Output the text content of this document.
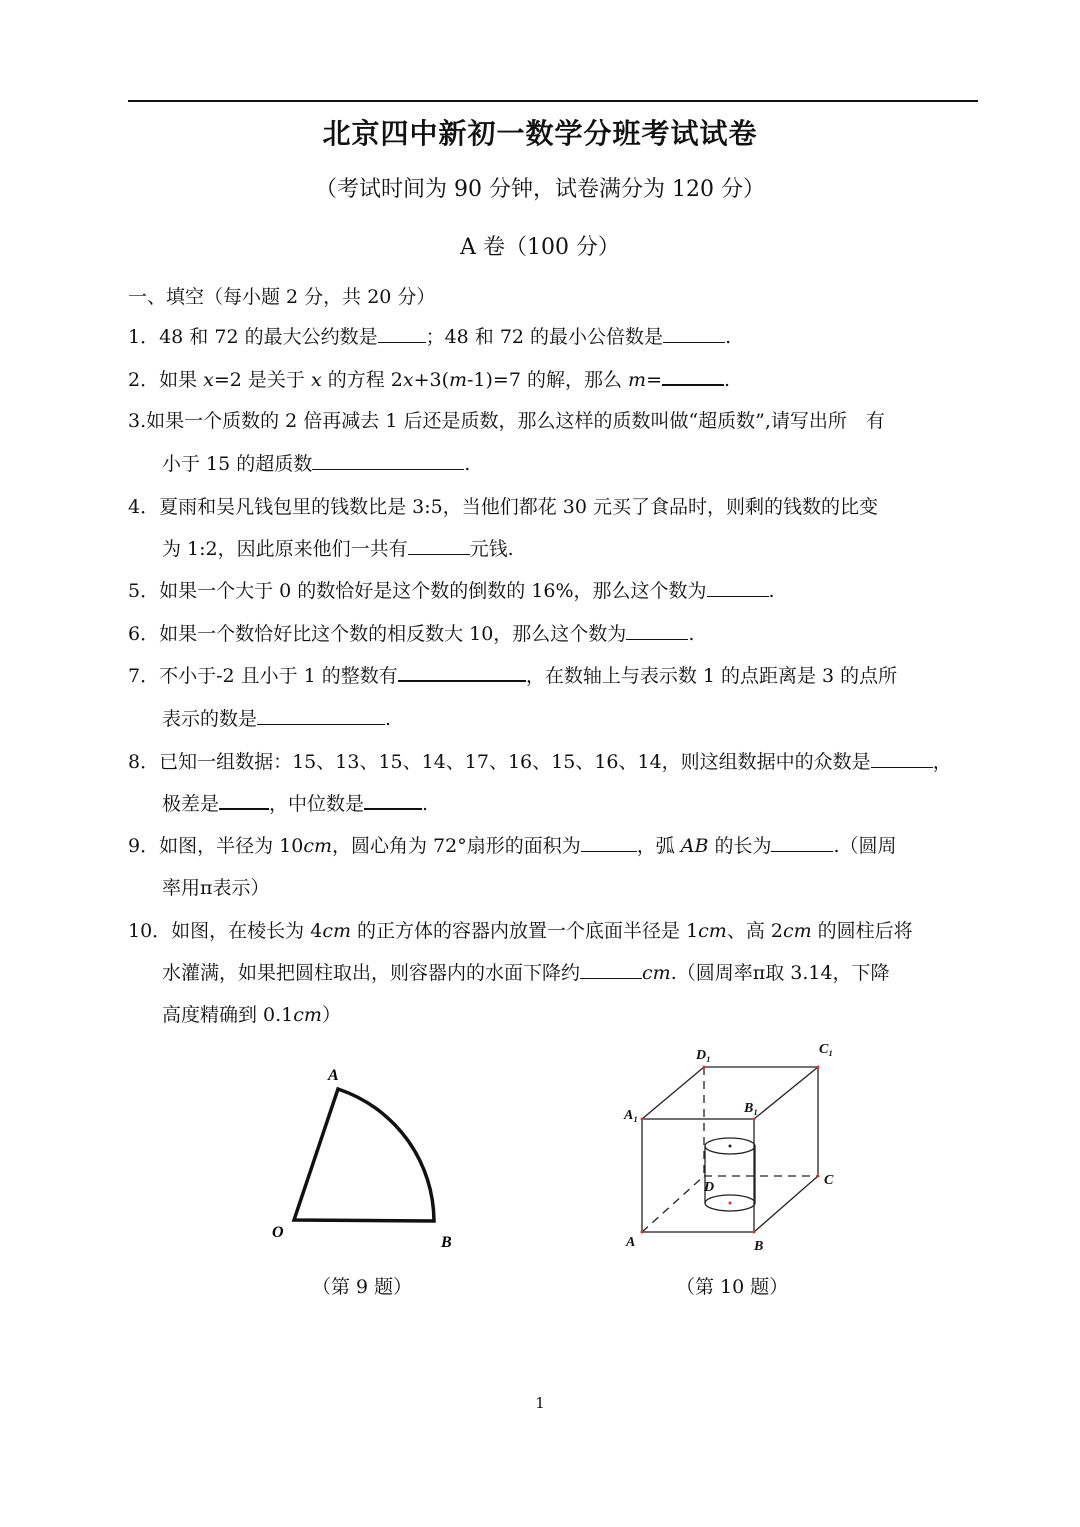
北京四中新初一数学分班考试试卷
（考试时间为 90 分钟，试卷满分为 120 分）
A 卷（100 分）
一、填空（每小题 2 分，共 20 分）
1．48 和 72 的最大公约数是	；48 和 72 的最小公倍数是	.
2．如果 x=2 是关于 x 的方程 2x+3(m-1)=7 的解，那么 m=	.
3.如果一个质数的 2 倍再减去 1 后还是质数，那么这样的质数叫做“超质数”,请写出所　有
小于 15 的超质数	.
4．夏雨和吴凡钱包里的钱数比是 3:5，当他们都花 30 元买了食品时，则剩的钱数的比变
为 1:2，因此原来他们一共有	元钱.
5．如果一个大于 0 的数恰好是这个数的倒数的 16%，那么这个数为	.
6．如果一个数恰好比这个数的相反数大 10，那么这个数为	.
7．不小于-2 且小于 1 的整数有	，在数轴上与表示数 1 的点距离是 3 的点所
表示的数是	.
8．已知一组数据：15、13、15、14、17、16、15、16、14，则这组数据中的众数是	，
极差是	，中位数是	.
9．如图，半径为 10cm，圆心角为 72°扇形的面积为	，弧 AB 的长为	.（圆周
率用π表示）
10．如图，在棱长为 4cm 的正方体的容器内放置一个底面半径是 1cm、高 2cm 的圆柱后将
水灌满，如果把圆柱取出，则容器内的水面下降约	cm.（圆周率π取 3.14，下降
高度精确到 0.1cm）
A
O
B
（第 9 题）
D₁	C₁
A₁	B₁
C
D
A	B
（第 10 题）
1
